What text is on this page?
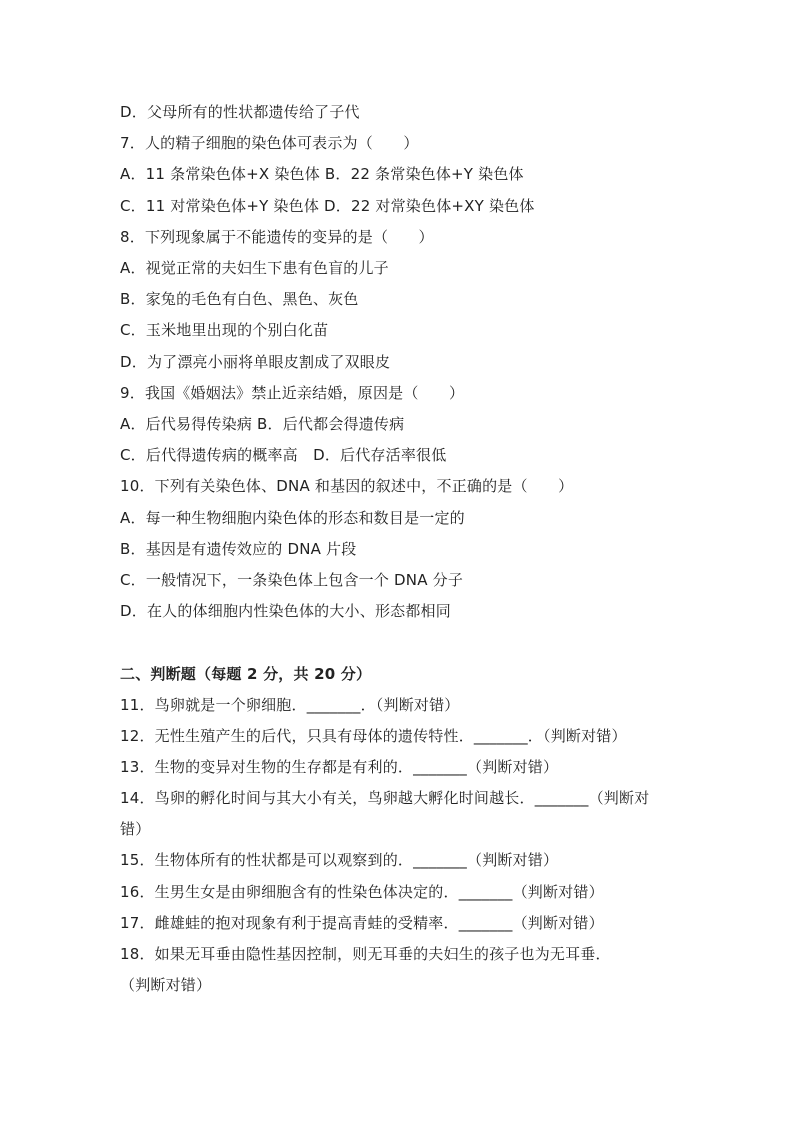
D．父母所有的性状都遗传给了子代
7．人的精子细胞的染色体可表示为（　　）
A．11 条常染色体+X 染色体 B．22 条常染色体+Y 染色体
C．11 对常染色体+Y 染色体 D．22 对常染色体+XY 染色体
8．下列现象属于不能遗传的变异的是（　　）
A．视觉正常的夫妇生下患有色盲的儿子
B．家兔的毛色有白色、黑色、灰色
C．玉米地里出现的个别白化苗
D．为了漂亮小丽将单眼皮割成了双眼皮
9．我国《婚姻法》禁止近亲结婚，原因是（　　）
A．后代易得传染病 B．后代都会得遗传病
C．后代得遗传病的概率高　D．后代存活率很低
10．下列有关染色体、DNA 和基因的叙述中，不正确的是（　　）
A．每一种生物细胞内染色体的形态和数目是一定的
B．基因是有遗传效应的 DNA 片段
C．一般情况下，一条染色体上包含一个 DNA 分子
D．在人的体细胞内性染色体的大小、形态都相同
二、判断题（每题 2 分，共 20 分）
11．鸟卵就是一个卵细胞．_______．（判断对错）
12．无性生殖产生的后代，只具有母体的遗传特性．_______．（判断对错）
13．生物的变异对生物的生存都是有利的．_______（判断对错）
14．鸟卵的孵化时间与其大小有关，鸟卵越大孵化时间越长．_______（判断对
错）
15．生物体所有的性状都是可以观察到的．_______（判断对错）
16．生男生女是由卵细胞含有的性染色体决定的．_______（判断对错）
17．雌雄蛙的抱对现象有利于提高青蛙的受精率．_______（判断对错）
18．如果无耳垂由隐性基因控制，则无耳垂的夫妇生的孩子也为无耳垂．
（判断对错）
